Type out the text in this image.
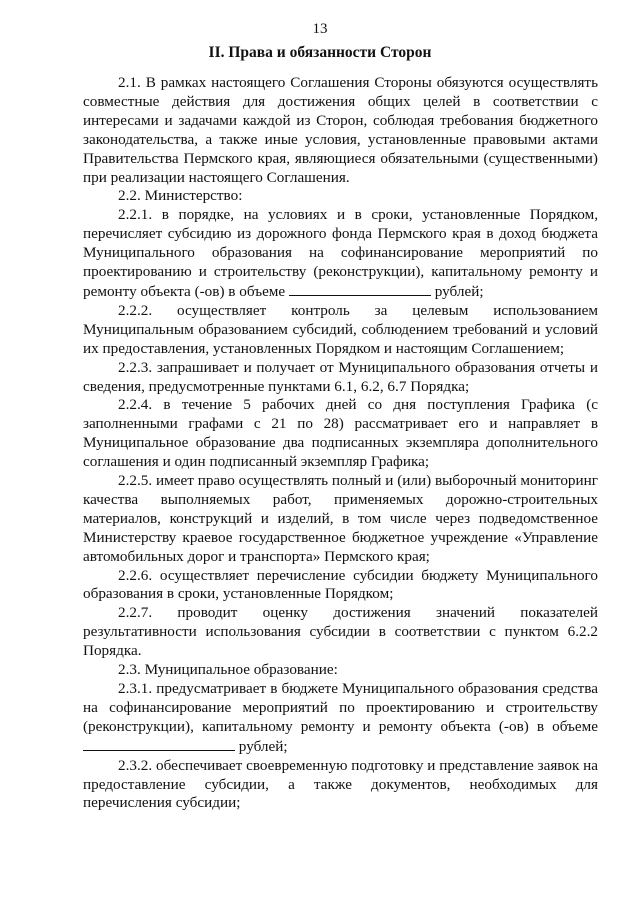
13
II. Права и обязанности Сторон

2.1. В рамках настоящего Соглашения Стороны обязуются осуществлять совместные действия для достижения общих целей в соответствии с интересами и задачами каждой из Сторон, соблюдая требования бюджетного законодательства, а также иные условия, установленные правовыми актами Правительства Пермского края, являющиеся обязательными (существенными) при реализации настоящего Соглашения.

2.2. Министерство:

2.2.1. в порядке, на условиях и в сроки, установленные Порядком, перечисляет субсидию из дорожного фонда Пермского края в доход бюджета Муниципального образования на софинансирование мероприятий по проектированию и строительству (реконструкции), капитальному ремонту и ремонту объекта (-ов) в объеме	рублей;

2.2.2. осуществляет контроль за целевым использованием Муниципальным образованием субсидий, соблюдением требований и условий их предоставления, установленных Порядком и настоящим Соглашением;

2.2.3. запрашивает и получает от Муниципального образования отчеты и сведения, предусмотренные пунктами 6.1, 6.2, 6.7 Порядка;

2.2.4. в течение 5 рабочих дней со дня поступления Графика (с заполненными графами с 21 по 28) рассматривает его и направляет в Муниципальное образование два подписанных экземпляра дополнительного соглашения и один подписанный экземпляр Графика;

2.2.5. имеет право осуществлять полный и (или) выборочный мониторинг качества выполняемых работ, применяемых дорожно-строительных материалов, конструкций и изделий, в том числе через подведомственное Министерству краевое государственное бюджетное учреждение «Управление автомобильных дорог и транспорта» Пермского края;

2.2.6. осуществляет перечисление субсидии бюджету Муниципального образования в сроки, установленные Порядком;

2.2.7. проводит оценку достижения значений показателей результативности использования субсидии в соответствии с пунктом 6.2.2 Порядка.

2.3. Муниципальное образование:

2.3.1. предусматривает в бюджете Муниципального образования средства на софинансирование мероприятий по проектированию и строительству (реконструкции), капитальному ремонту и ремонту объекта (-ов) в объеме  рублей;

2.3.2. обеспечивает своевременную подготовку и представление заявок на предоставление субсидии, а также документов, необходимых для перечисления субсидии;
